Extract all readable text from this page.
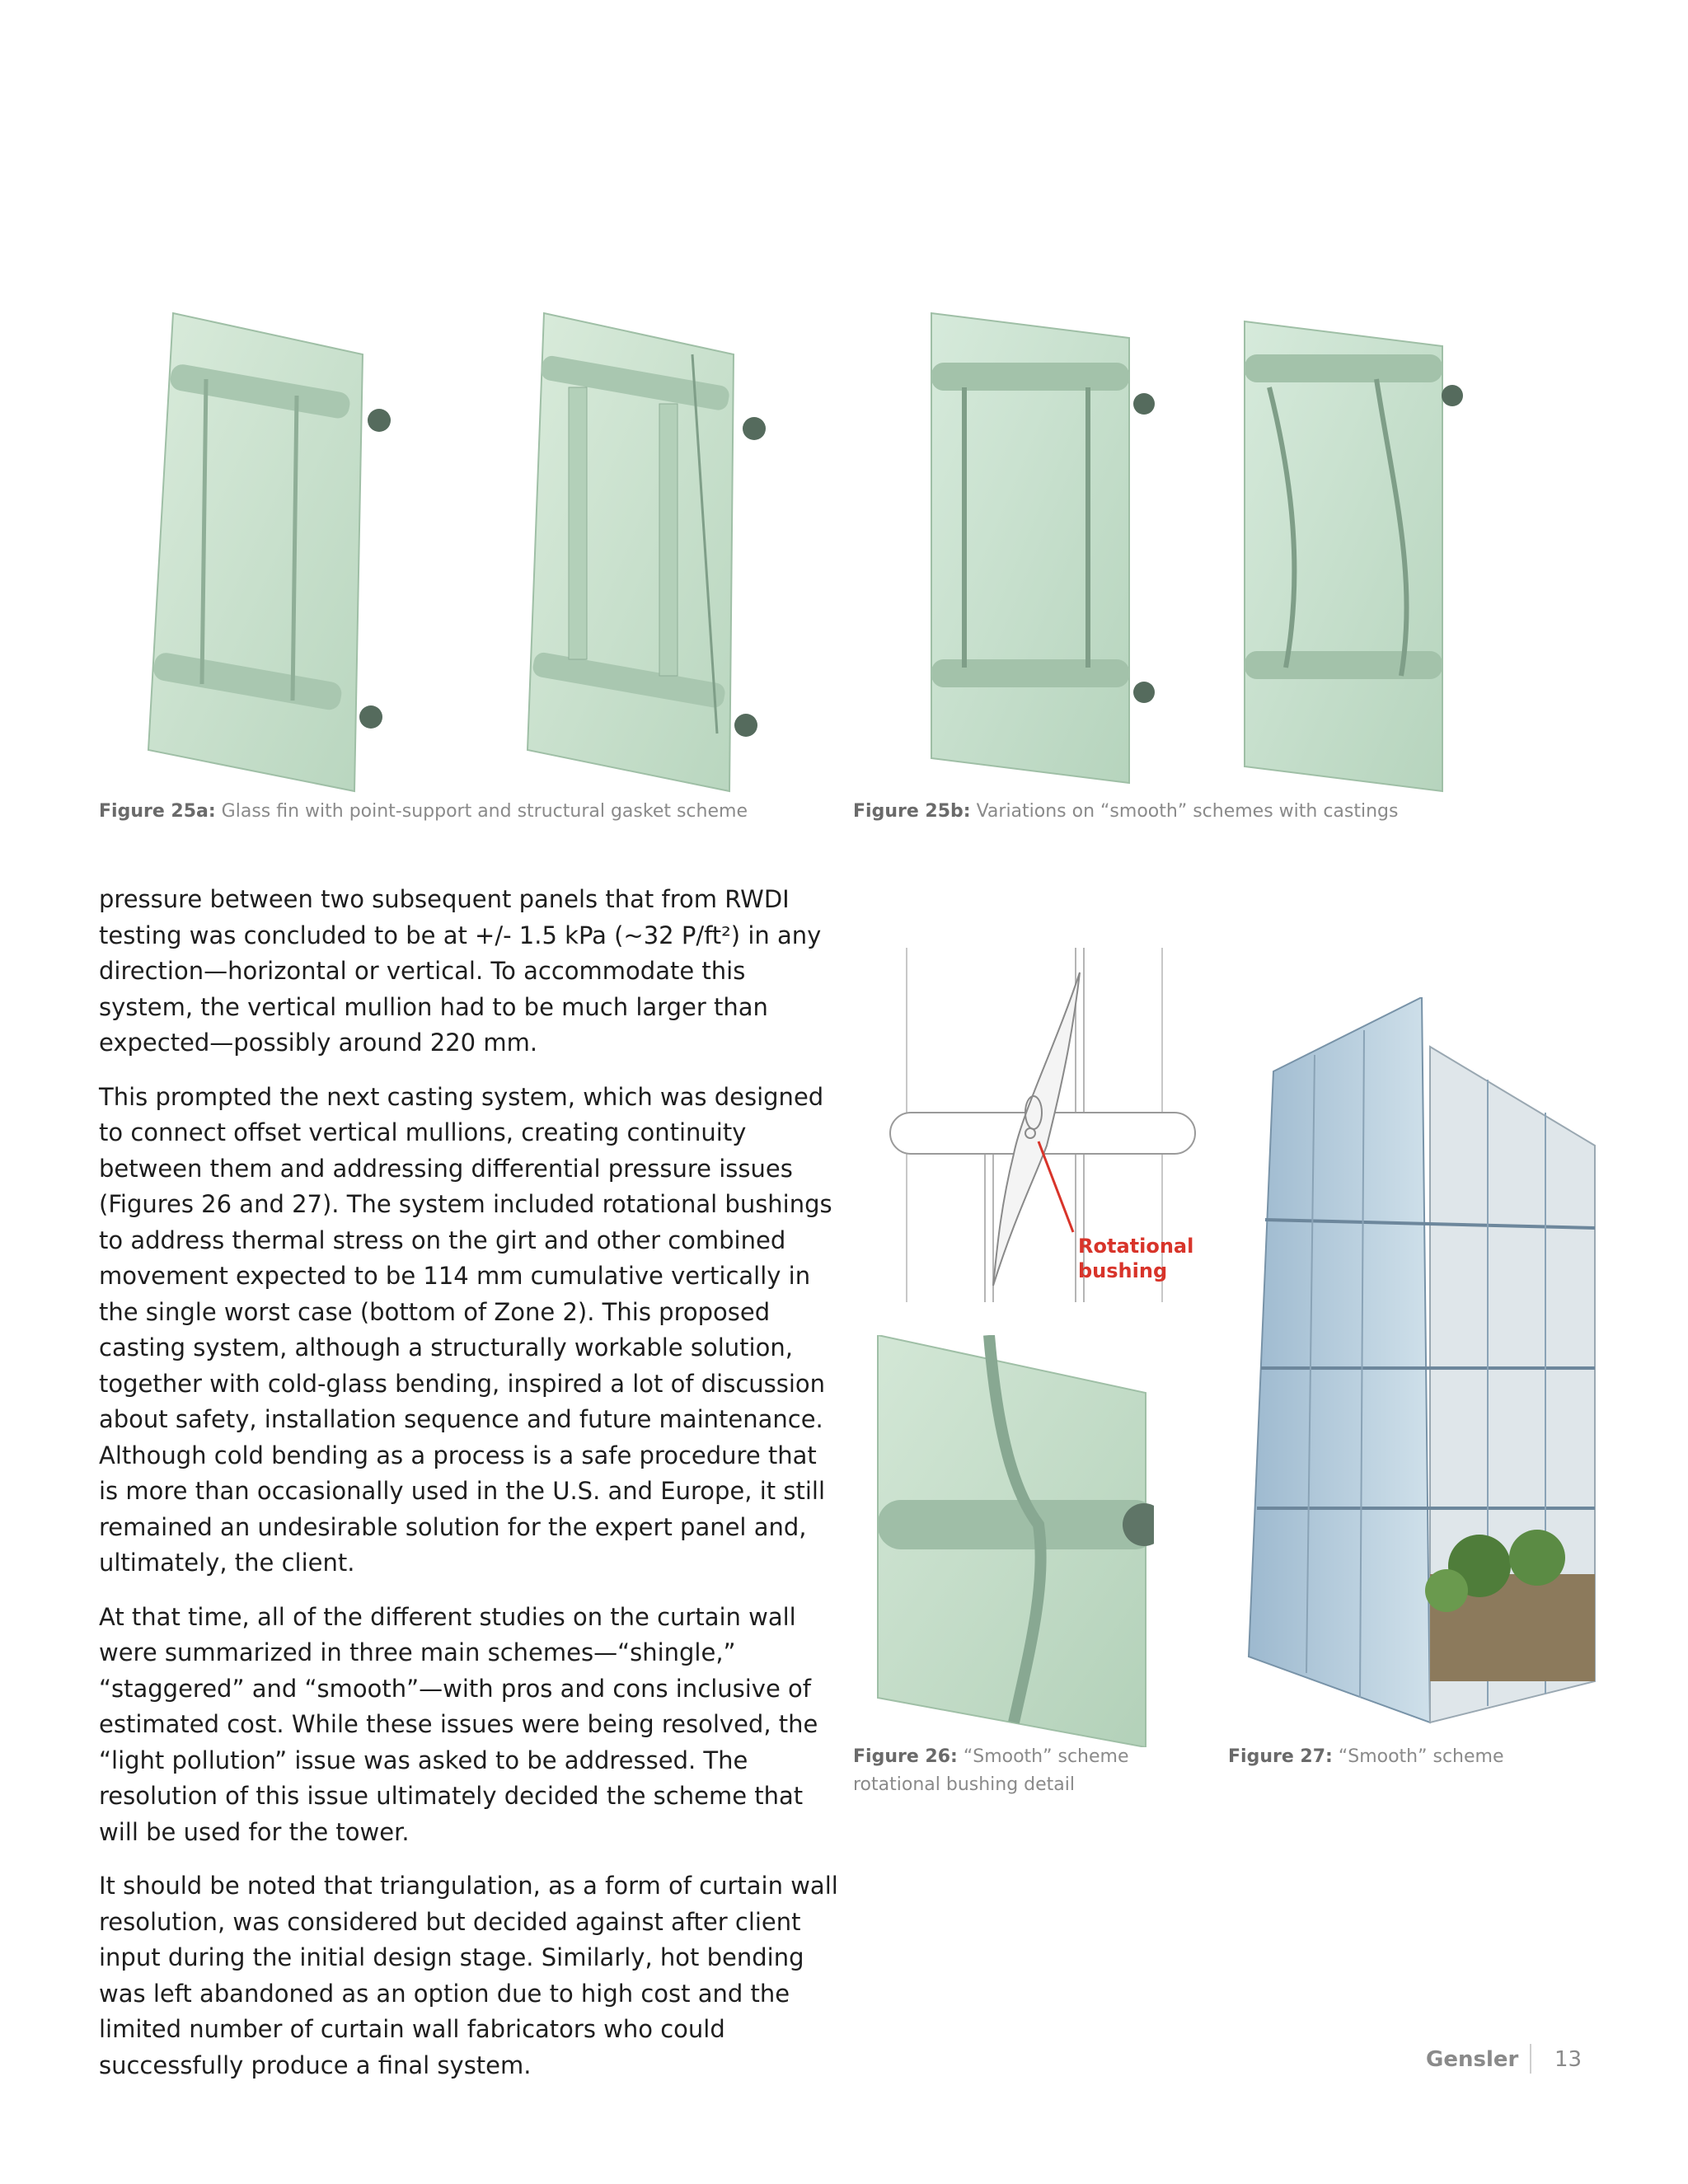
Figure 25a: Glass fin with point-support and structural gasket scheme	Figure 25b: Variations on “smooth” schemes with castings
Rotational
bushing
Figure 26: “Smooth” scheme rotational bushing detail
Figure 27: “Smooth” scheme

pressure between two subsequent panels that from RWDI testing was concluded to be at +/- 1.5 kPa (~32 P/ft²) in any direction—horizontal or vertical. To accommodate this system, the vertical mullion had to be much larger than expected—possibly around 220 mm.

This prompted the next casting system, which was designed to connect offset vertical mullions, creating continuity between them and addressing differential pressure issues (Figures 26 and 27). The system included rotational bushings to address thermal stress on the girt and other combined movement expected to be 114 mm cumulative vertically in the single worst case (bottom of Zone 2). This proposed casting system, although a structurally workable solution, together with cold-glass bending, inspired a lot of discussion about safety, installation sequence and future maintenance. Although cold bending as a process is a safe procedure that is more than occasionally used in the U.S. and Europe, it still remained an undesirable solution for the expert panel and, ultimately, the client.

At that time, all of the different studies on the curtain wall were summarized in three main schemes—“shingle,” “staggered” and “smooth”—with pros and cons inclusive of estimated cost. While these issues were being resolved, the “light pollution” issue was asked to be addressed. The resolution of this issue ultimately decided the scheme that will be used for the tower.

It should be noted that triangulation, as a form of curtain wall resolution, was considered but decided against after client input during the initial design stage. Similarly, hot bending was left abandoned as an option due to high cost and the limited number of curtain wall fabricators who could successfully produce a final system.	Gensler 13
